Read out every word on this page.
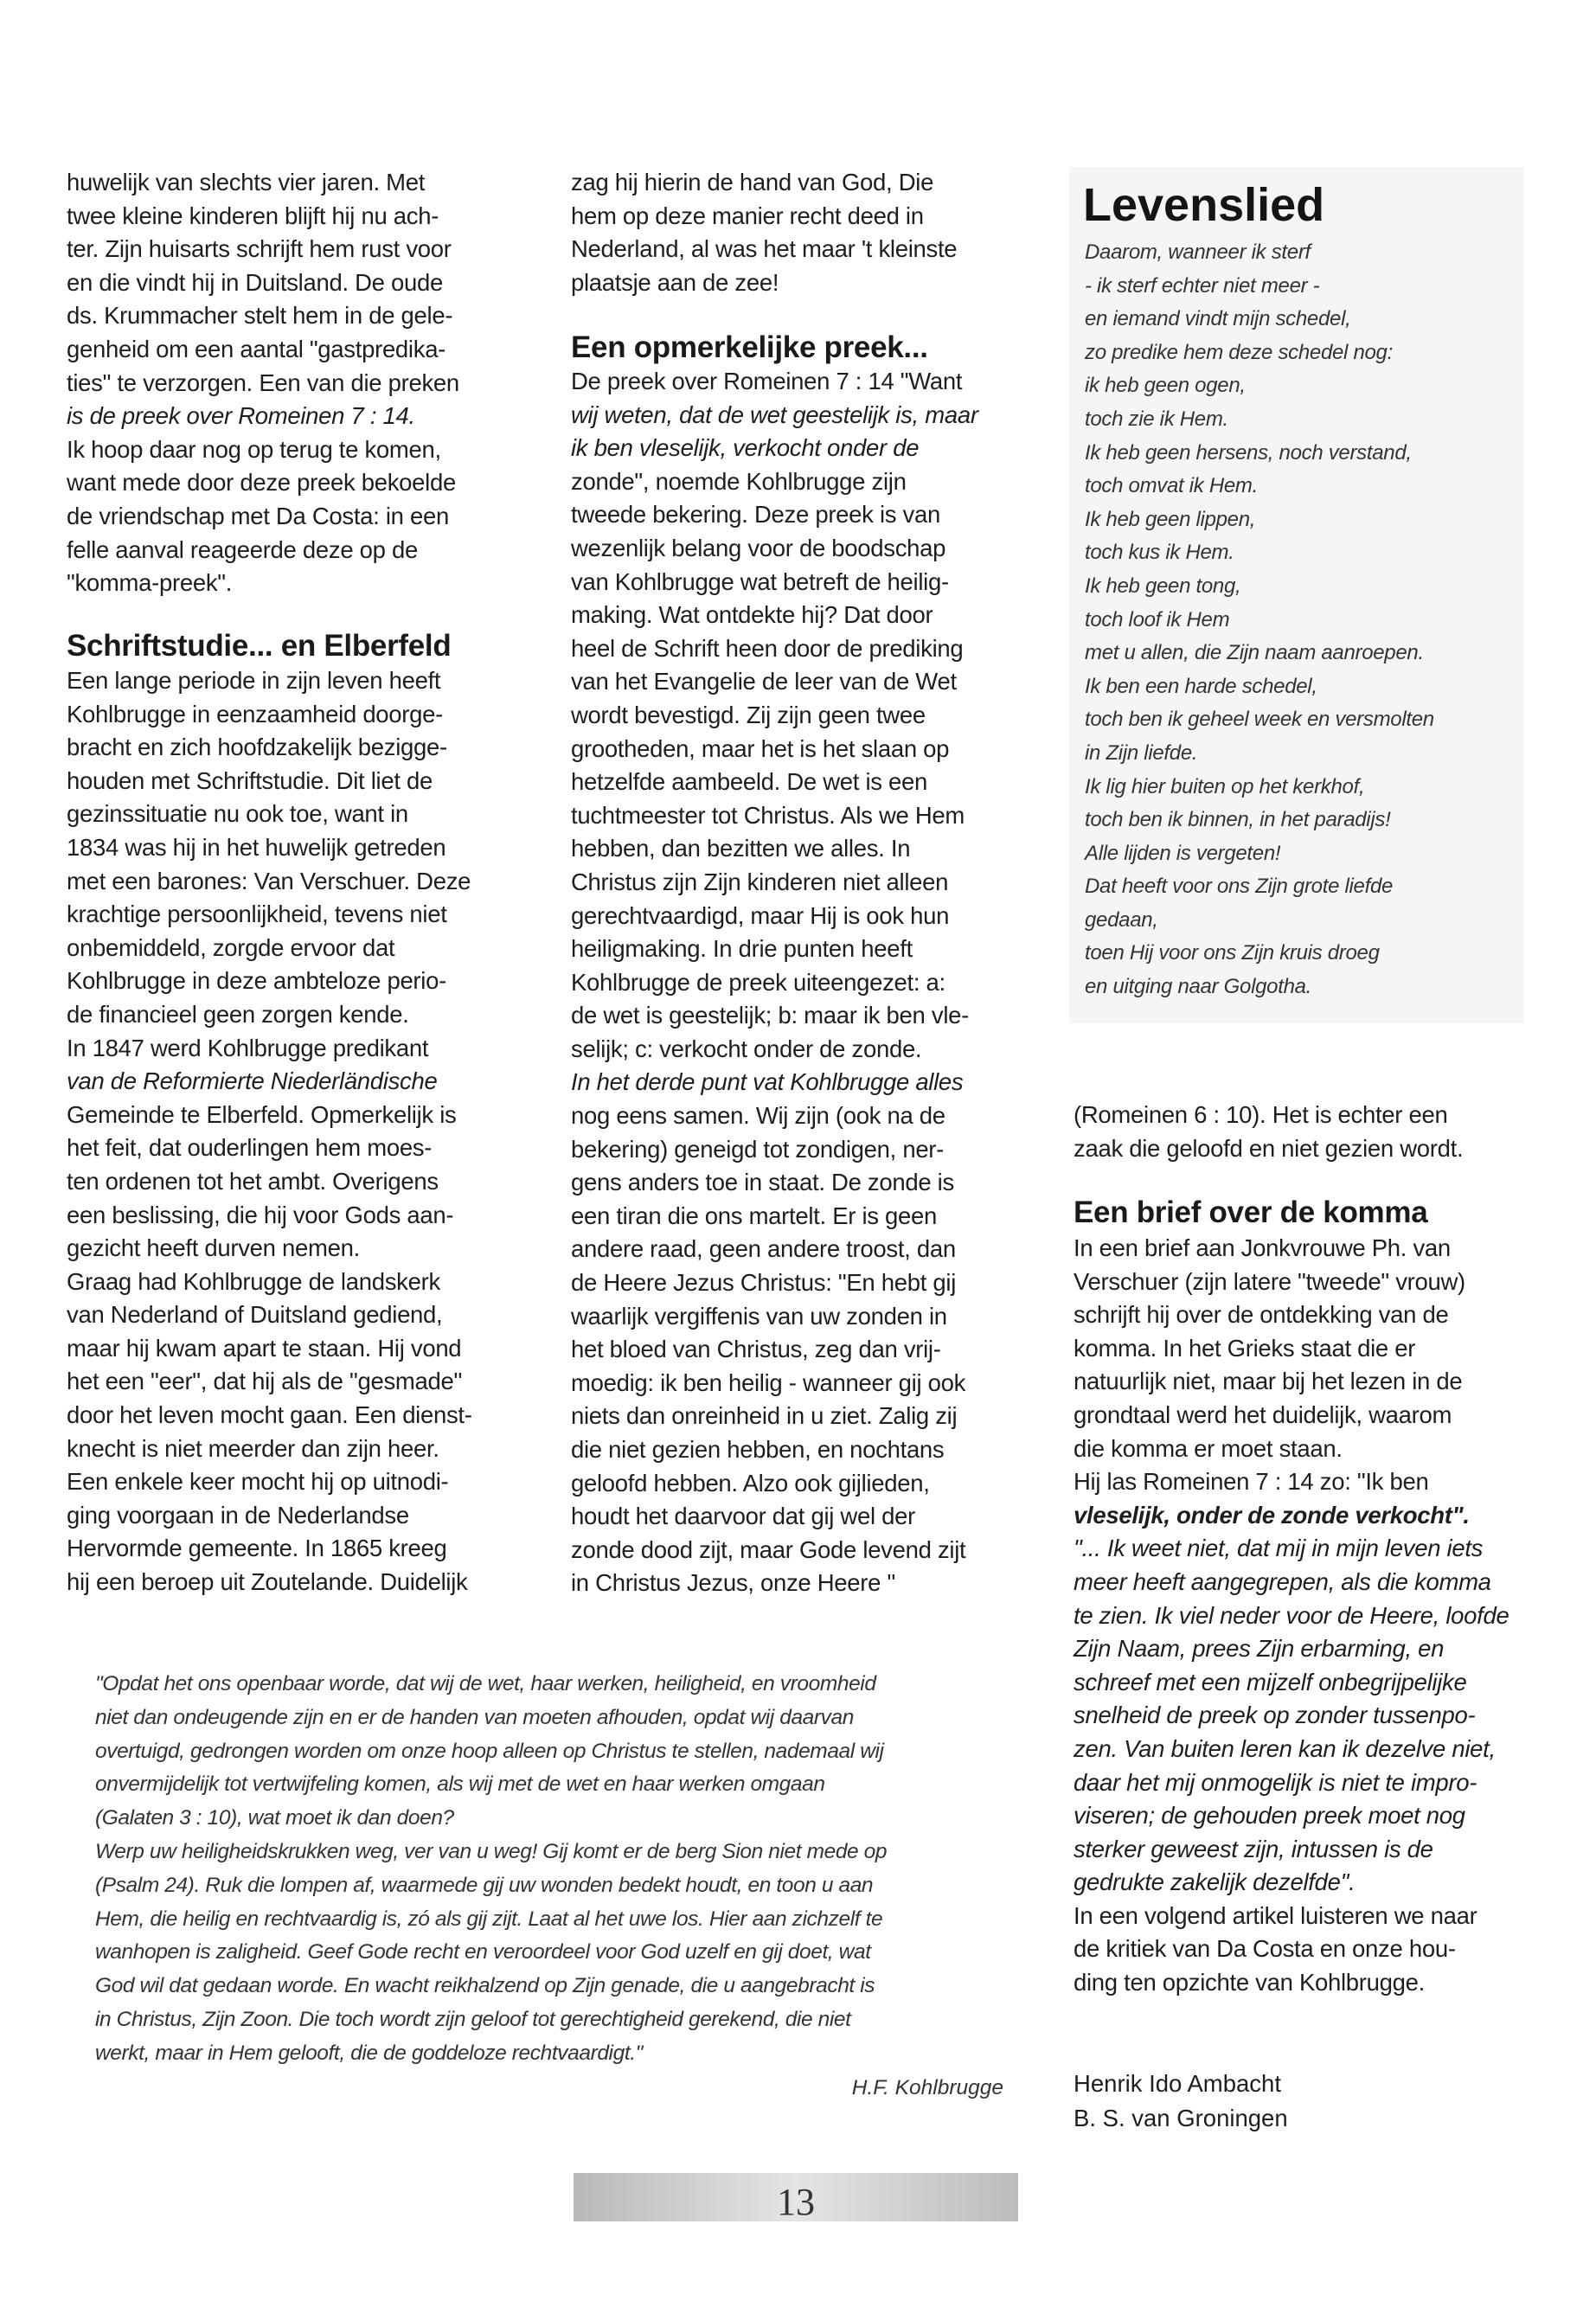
huwelijk van slechts vier jaren. Met
twee kleine kinderen blijft hij nu ach-
ter. Zijn huisarts schrijft hem rust voor
en die vindt hij in Duitsland. De oude
ds. Krummacher stelt hem in de gele-
genheid om een aantal "gastpredika-
ties" te verzorgen. Een van die preken
is de preek over Romeinen 7 : 14.
Ik hoop daar nog op terug te komen,
want mede door deze preek bekoelde
de vriendschap met Da Costa: in een
felle aanval reageerde deze op de
"komma-preek".
Schriftstudie... en Elberfeld
Een lange periode in zijn leven heeft
Kohlbrugge in eenzaamheid doorge-
bracht en zich hoofdzakelijk bezigge-
houden met Schriftstudie. Dit liet de
gezinssituatie nu ook toe, want in
1834 was hij in het huwelijk getreden
met een barones: Van Verschuer. Deze
krachtige persoonlijkheid, tevens niet
onbemiddeld, zorgde ervoor dat
Kohlbrugge in deze ambteloze perio-
de financieel geen zorgen kende.
In 1847 werd Kohlbrugge predikant
van de Reformierte Niederländische
Gemeinde te Elberfeld. Opmerkelijk is
het feit, dat ouderlingen hem moes-
ten ordenen tot het ambt. Overigens
een beslissing, die hij voor Gods aan-
gezicht heeft durven nemen.
Graag had Kohlbrugge de landskerk
van Nederland of Duitsland gediend,
maar hij kwam apart te staan. Hij vond
het een "eer", dat hij als de "gesmade"
door het leven mocht gaan. Een dienst-
knecht is niet meerder dan zijn heer.
Een enkele keer mocht hij op uitnodi-
ging voorgaan in de Nederlandse
Hervormde gemeente. In 1865 kreeg
hij een beroep uit Zoutelande. Duidelijk
zag hij hierin de hand van God, Die
hem op deze manier recht deed in
Nederland, al was het maar 't kleinste
plaatsje aan de zee!
Een opmerkelijke preek...
De preek over Romeinen 7 : 14 "Want
wij weten, dat de wet geestelijk is, maar
ik ben vleselijk, verkocht onder de
zonde", noemde Kohlbrugge zijn
tweede bekering. Deze preek is van
wezenlijk belang voor de boodschap
van Kohlbrugge wat betreft de heilig-
making. Wat ontdekte hij? Dat door
heel de Schrift heen door de prediking
van het Evangelie de leer van de Wet
wordt bevestigd. Zij zijn geen twee
grootheden, maar het is het slaan op
hetzelfde aambeeld. De wet is een
tuchtmeester tot Christus. Als we Hem
hebben, dan bezitten we alles. In
Christus zijn Zijn kinderen niet alleen
gerechtvaardigd, maar Hij is ook hun
heiligmaking. In drie punten heeft
Kohlbrugge de preek uiteengezet: a:
de wet is geestelijk; b: maar ik ben vle-
selijk; c: verkocht onder de zonde.
In het derde punt vat Kohlbrugge alles
nog eens samen. Wij zijn (ook na de
bekering) geneigd tot zondigen, ner-
gens anders toe in staat. De zonde is
een tiran die ons martelt. Er is geen
andere raad, geen andere troost, dan
de Heere Jezus Christus: "En hebt gij
waarlijk vergiffenis van uw zonden in
het bloed van Christus, zeg dan vrij-
moedig: ik ben heilig - wanneer gij ook
niets dan onreinheid in u ziet. Zalig zij
die niet gezien hebben, en nochtans
geloofd hebben. Alzo ook gijlieden,
houdt het daarvoor dat gij wel der
zonde dood zijt, maar Gode levend zijt
in Christus Jezus, onze Heere "
Levenslied
Daarom, wanneer ik sterf
- ik sterf echter niet meer -
en iemand vindt mijn schedel,
zo predike hem deze schedel nog:
ik heb geen ogen,
toch zie ik Hem.
Ik heb geen hersens, noch verstand,
toch omvat ik Hem.
Ik heb geen lippen,
toch kus ik Hem.
Ik heb geen tong,
toch loof ik Hem
met u allen, die Zijn naam aanroepen.
Ik ben een harde schedel,
toch ben ik geheel week en versmolten
in Zijn liefde.
Ik lig hier buiten op het kerkhof,
toch ben ik binnen, in het paradijs!
Alle lijden is vergeten!
Dat heeft voor ons Zijn grote liefde
gedaan,
toen Hij voor ons Zijn kruis droeg
en uitging naar Golgotha.
(Romeinen 6 : 10). Het is echter een
zaak die geloofd en niet gezien wordt.
Een brief over de komma
In een brief aan Jonkvrouwe Ph. van
Verschuer (zijn latere "tweede" vrouw)
schrijft hij over de ontdekking van de
komma. In het Grieks staat die er
natuurlijk niet, maar bij het lezen in de
grondtaal werd het duidelijk, waarom
die komma er moet staan.
Hij las Romeinen 7 : 14 zo: "Ik ben
vleselijk, onder de zonde verkocht".
"... Ik weet niet, dat mij in mijn leven iets
meer heeft aangegrepen, als die komma
te zien. Ik viel neder voor de Heere, loofde
Zijn Naam, prees Zijn erbarming, en
schreef met een mijzelf onbegrijpelijke
snelheid de preek op zonder tussenpo-
zen. Van buiten leren kan ik dezelve niet,
daar het mij onmogelijk is niet te impro-
viseren; de gehouden preek moet nog
sterker geweest zijn, intussen is de
gedrukte zakelijk dezelfde".
In een volgend artikel luisteren we naar
de kritiek van Da Costa en onze hou-
ding ten opzichte van Kohlbrugge.
Henrik Ido Ambacht
B. S. van Groningen
"Opdat het ons openbaar worde, dat wij de wet, haar werken, heiligheid, en vroomheid
niet dan ondeugende zijn en er de handen van moeten afhouden, opdat wij daarvan
overtuigd, gedrongen worden om onze hoop alleen op Christus te stellen, nademaal wij
onvermijdelijk tot vertwijfeling komen, als wij met de wet en haar werken omgaan
(Galaten 3 : 10), wat moet ik dan doen?
Werp uw heiligheidskrukken weg, ver van u weg! Gij komt er de berg Sion niet mede op
(Psalm 24). Ruk die lompen af, waarmede gij uw wonden bedekt houdt, en toon u aan
Hem, die heilig en rechtvaardig is, zó als gij zijt. Laat al het uwe los. Hier aan zichzelf te
wanhopen is zaligheid. Geef Gode recht en veroordeel voor God uzelf en gij doet, wat
God wil dat gedaan worde. En wacht reikhalzend op Zijn genade, die u aangebracht is
in Christus, Zijn Zoon. Die toch wordt zijn geloof tot gerechtigheid gerekend, die niet
werkt, maar in Hem gelooft, die de goddeloze rechtvaardigt."
H.F. Kohlbrugge
13
